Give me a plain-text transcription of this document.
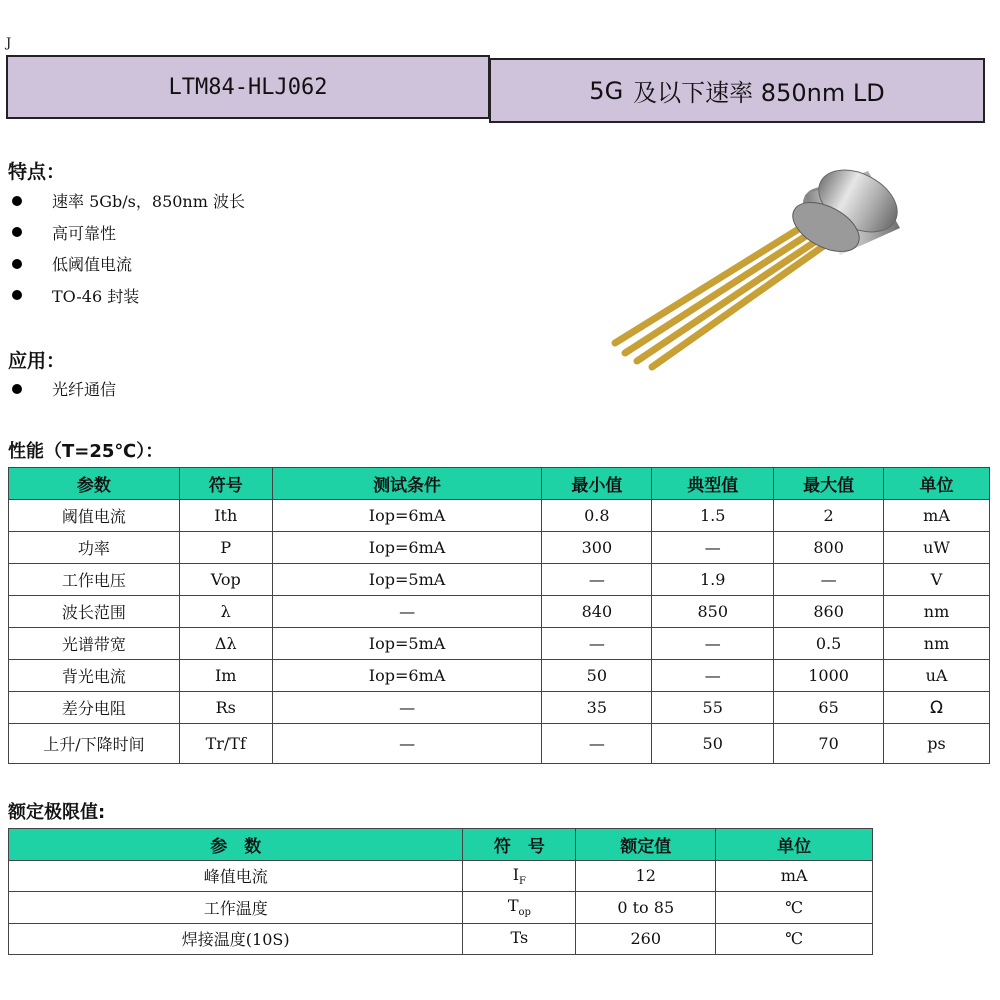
J
LTM84-HLJ062	5G 及以下速率 850nm LD
特点：
速率 5Gb/s，850nm 波长
高可靠性
低阈值电流
TO-46 封装
应用：
光纤通信
性能（T=25℃）：
参数	符号	测试条件	最小值	典型值	最大值	单位
阈值电流	Ith	Iop=6mA	0.8	1.5	2	mA
功率	P	Iop=6mA	300	—	800	uW
工作电压	Vop	Iop=5mA	—	1.9	—	V
波长范围	λ	—	840	850	860	nm
光谱带宽	Δλ	Iop=5mA	—	—	0.5	nm
背光电流	Im	Iop=6mA	50	—	1000	uA
差分电阻	Rs	—	35	55	65	Ω
上升/下降时间	Tr/Tf	—	—	50	70	ps
额定极限值:
参　数	符　号	额定值	单位
峰值电流	$I_F$	12	mA
工作温度	$T_{op}$	0 to 85	℃
焊接温度(10S)	Ts	260	℃
